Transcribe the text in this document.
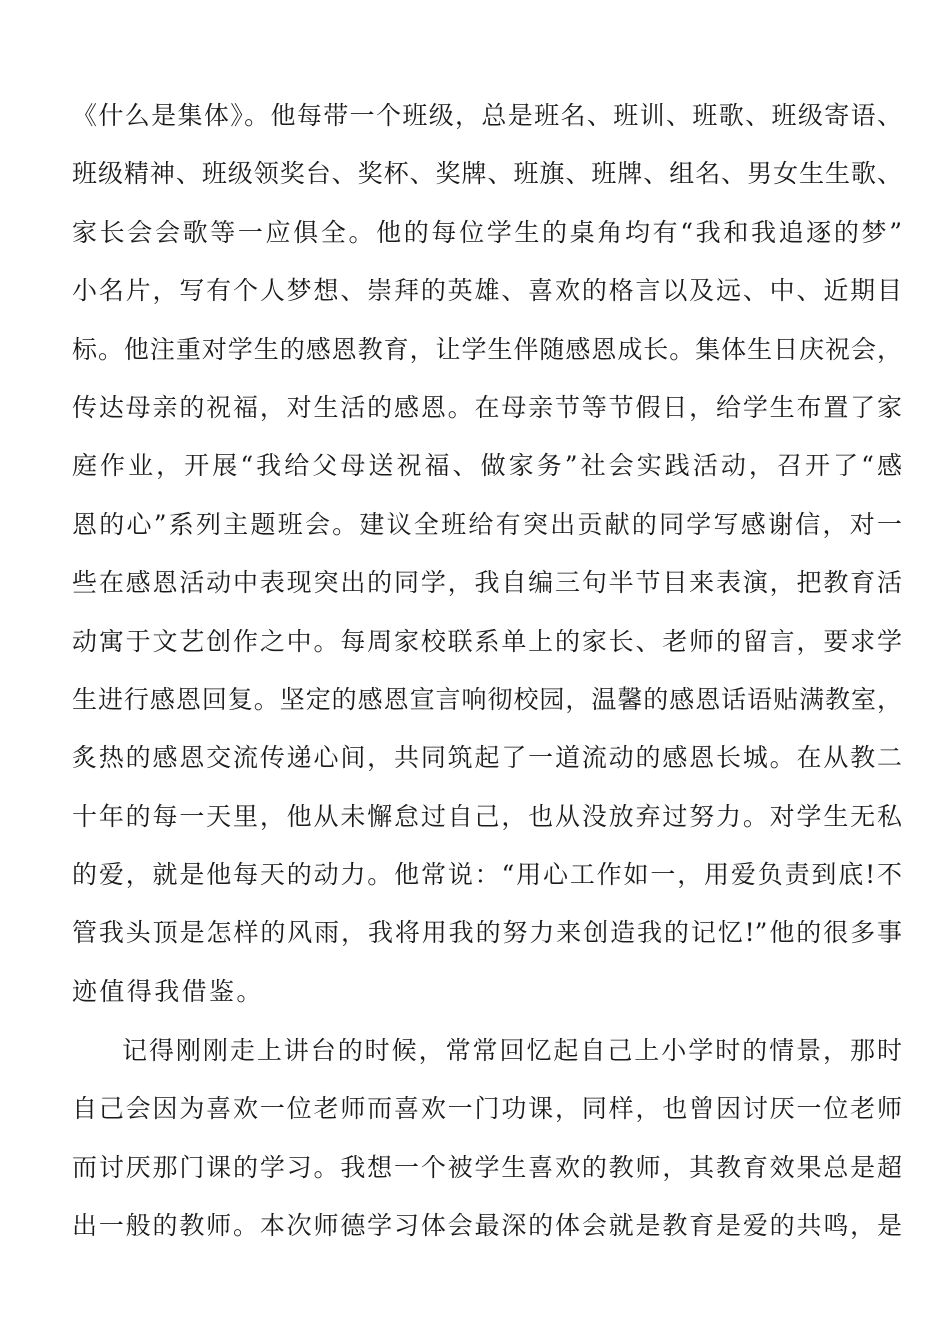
《什么是集体》。他每带一个班级，总是班名、班训、班歌、班级寄语、
班级精神、班级领奖台、奖杯、奖牌、班旗、班牌、组名、男女生生歌、
家长会会歌等一应俱全。他的每位学生的桌角均有“我和我追逐的梦”
小名片，写有个人梦想、崇拜的英雄、喜欢的格言以及远、中、近期目
标。他注重对学生的感恩教育，让学生伴随感恩成长。集体生日庆祝会，
传达母亲的祝福，对生活的感恩。在母亲节等节假日，给学生布置了家
庭作业，开展“我给父母送祝福、做家务”社会实践活动，召开了“感
恩的心”系列主题班会。建议全班给有突出贡献的同学写感谢信，对一
些在感恩活动中表现突出的同学，我自编三句半节目来表演，把教育活
动寓于文艺创作之中。每周家校联系单上的家长、老师的留言，要求学
生进行感恩回复。坚定的感恩宣言响彻校园，温馨的感恩话语贴满教室，
炙热的感恩交流传递心间，共同筑起了一道流动的感恩长城。在从教二
十年的每一天里，他从未懈怠过自己，也从没放弃过努力。对学生无私
的爱，就是他每天的动力。他常说：“用心工作如一，用爱负责到底!不
管我头顶是怎样的风雨，我将用我的努力来创造我的记忆!”他的很多事
迹值得我借鉴。
记得刚刚走上讲台的时候，常常回忆起自己上小学时的情景，那时
自己会因为喜欢一位老师而喜欢一门功课，同样，也曾因讨厌一位老师
而讨厌那门课的学习。我想一个被学生喜欢的教师，其教育效果总是超
出一般的教师。本次师德学习体会最深的体会就是教育是爱的共鸣，是
